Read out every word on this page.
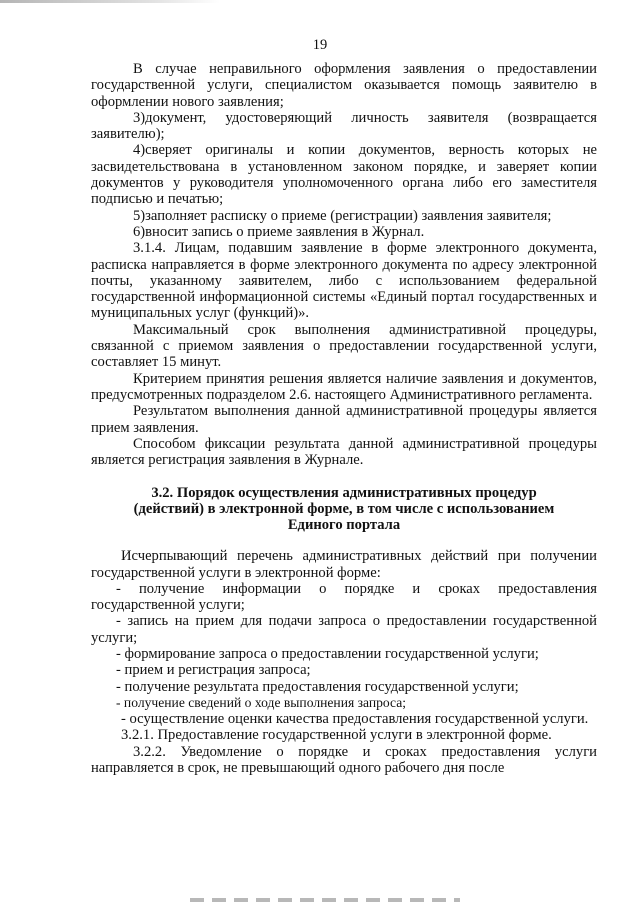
19

В случае неправильного оформления заявления о предоставлении государственной услуги, специалистом оказывается помощь заявителю в оформлении нового заявления;

3)документ, удостоверяющий личность заявителя (возвращается заявителю);

4)сверяет оригиналы и копии документов, верность которых не засвидетельствована в установленном законом порядке, и заверяет копии документов у руководителя уполномоченного органа либо его заместителя подписью и печатью;

5)заполняет расписку о приеме (регистрации) заявления заявителя;

6)вносит запись о приеме заявления в Журнал.

3.1.4. Лицам, подавшим заявление в форме электронного документа, расписка направляется в форме электронного документа по адресу электронной почты, указанному заявителем, либо с использованием федеральной государственной информационной системы «Единый портал государственных и муниципальных услуг (функций)».

Максимальный срок выполнения административной процедуры, связанной с приемом заявления о предоставлении государственной услуги, составляет 15 минут.

Критерием принятия решения является наличие заявления и документов, предусмотренных подразделом 2.6. настоящего Административного регламента.

Результатом выполнения данной административной процедуры является прием заявления.

Способом фиксации результата данной административной процедуры является регистрация заявления в Журнале.

3.2. Порядок осуществления административных процедур (действий) в электронной форме, в том числе с использованием Единого портала

Исчерпывающий перечень административных действий при получении государственной услуги в электронной форме:

- получение информации о порядке и сроках предоставления государственной услуги;

- запись на прием для подачи запроса о предоставлении государственной услуги;

- формирование запроса о предоставлении государственной услуги;

- прием и регистрация запроса;

- получение результата предоставления государственной услуги;

- получение сведений о ходе выполнения запроса;

- осуществление оценки качества предоставления государственной услуги.

3.2.1. Предоставление государственной услуги в электронной форме.

3.2.2. Уведомление о порядке и сроках предоставления услуги направляется в срок, не превышающий одного рабочего дня после
